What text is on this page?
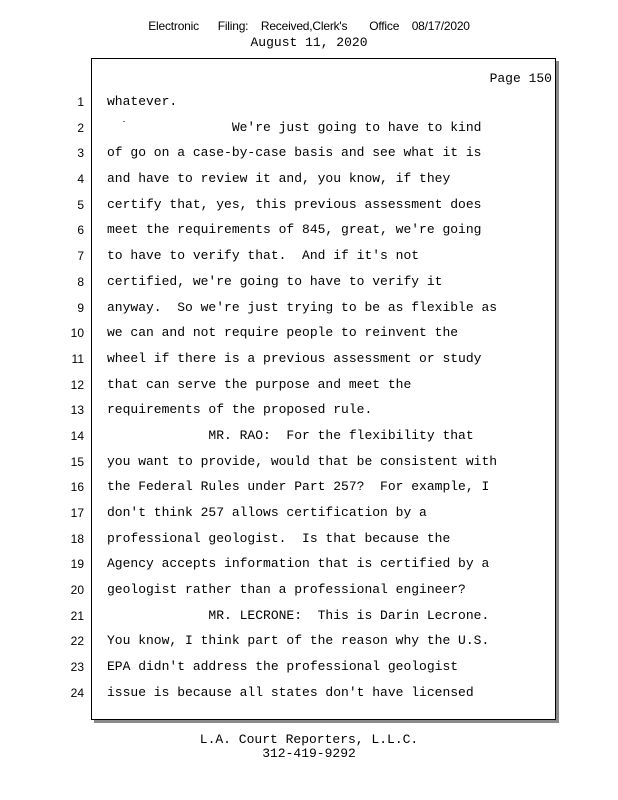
Electronic      Filing:    Received,Clerk's       Office    08/17/2020
August 11, 2020
Page 150
1
2
3
4
5
6
7
8
9
10
11
12
13
14
15
16
17
18
19
20
21
22
23
24
whatever.
We're just going to have to kind
of go on a case-by-case basis and see what it is
and have to review it and, you know, if they
certify that, yes, this previous assessment does
meet the requirements of 845, great, we're going
to have to verify that.  And if it's not
certified, we're going to have to verify it
anyway.  So we're just trying to be as flexible as
we can and not require people to reinvent the
wheel if there is a previous assessment or study
that can serve the purpose and meet the
requirements of the proposed rule.
MR. RAO:  For the flexibility that
you want to provide, would that be consistent with
the Federal Rules under Part 257?  For example, I
don't think 257 allows certification by a
professional geologist.  Is that because the
Agency accepts information that is certified by a
geologist rather than a professional engineer?
MR. LECRONE:  This is Darin Lecrone.
You know, I think part of the reason why the U.S.
EPA didn't address the professional geologist
issue is because all states don't have licensed
L.A. Court Reporters, L.L.C.
312-419-9292
